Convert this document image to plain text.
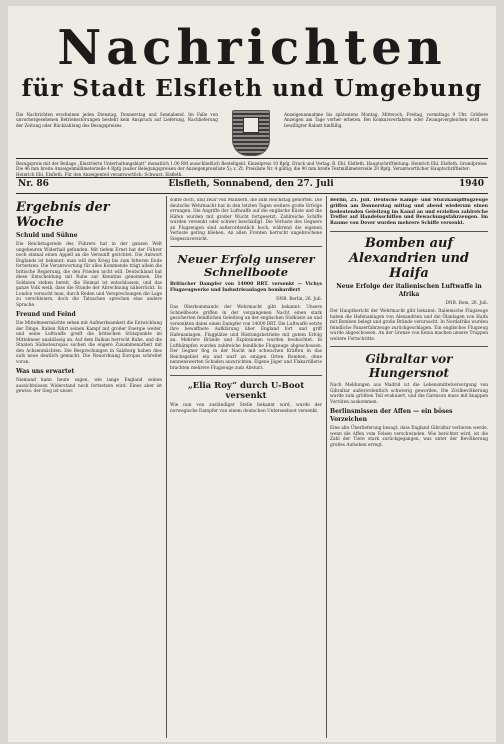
Nachrichten
für Stadt Elsfleth und Umgebung
Die Nachrichten erscheinen jeden Dienstag, Donnerstag und Sonnabend. Im Falle von unvorhergesehenen Betriebsstörungen besteht kein Anspruch auf Lieferung, Nachlieferung der Zeitung oder Rückzahlung des Bezugspreises.
Anzeigenannahme bis spätestens Montag, Mittwoch, Freitag, vormittags 9 Uhr. Größere Anzeigen am Tage vorher erbeten. Bei Konkursverfahren oder Zwangsvergleichen wird ein bewilligter Rabatt hinfällig.
Bezugspreis mit der Beilage „Illustrierte Unterhaltungsblatt“ monatlich 1.00 RM ausschließlich Bestellgeld. Einzelpreis 10 Rpfg. Druck und Verlag: B. Ehl, Elsfleth. Hauptschriftleitung: Heinrich Ehl, Elsfleth. Grundpreise: Die 46 mm breite Anzeigenmillimeterzeile 4 Rpfg (außer Belegungspreisen der Anzeigenpreisliste 5); z. Zt. Preisliste Nr. 4 gültig; die 90 mm breite Textmillimeterzeile 20 Rpfg. Verantwortlicher Hauptschriftleiter: Heinrich Ehl, Elsfleth. Für den Anzeigenteil verantwortlich: Schwarz, Elsfleth.
Nr. 86	Elsfleth, Sonnabend, den 27. Juli	1940
Ergebnis der Woche
Schuld und Sühne

Die Reichstagsrede des Führers hat in der ganzen Welt ungeheuren Widerhall gefunden. Mit tiefem Ernst hat der Führer noch einmal einen Appell an die Vernunft gerichtet. Die Antwort Englands ist bekannt: man will den Krieg bis zum bitteren Ende fortsetzen. Die Verantwortung für alles Kommende trägt allein die britische Regierung, die den Frieden nicht will. Deutschland hat diese Entscheidung mit Ruhe zur Kenntnis genommen. Die Soldaten stehen bereit, die Heimat ist entschlossen, und das ganze Volk weiß, dass die Stunde der Abrechnung näherrückt. In London versucht man, durch Reden und Versprechungen die Lage zu verschleiern, doch die Tatsachen sprechen eine andere Sprache.

Freund und Feind

Die Mittelmeermächte sehen mit Aufmerksamkeit die Entwicklung der Dinge. Italien führt seinen Kampf mit großer Energie weiter, und seine Luftwaffe greift die britischen Stützpunkte im Mittelmeer unablässig an. Auf dem Balkan herrscht Ruhe, und die Staaten Südosteuropas suchen die engere Zusammenarbeit mit den Achsenmächten. Die Besprechungen in Salzburg haben dies aufs neue deutlich gemacht. Die Neuordnung Europas schreitet voran.

Was uns erwartet

Niemand kann heute sagen, wie lange England seinen aussichtslosen Widerstand noch fortsetzen wird. Eines aber ist gewiss: der Sieg ist unser.

sollte doch, und zwar von Männern, die zum Reichstag gehörten. Die deutsche Wehrmacht hat in den letzten Tagen weitere große Erfolge errungen. Die Angriffe der Luftwaffe auf die englische Küste und die Häfen wurden mit großer Wucht fortgesetzt. Zahlreiche Schiffe wurden versenkt oder schwer beschädigt. Die Verluste des Gegners an Flugzeugen sind außerordentlich hoch, während die eigenen Verluste gering blieben. An allen Fronten herrscht ungebrochene Siegeszuversicht.

Neuer Erfolg unserer Schnellboote

Britischer Dampfer von 14000 BRT. versenkt — Vichys Flugzeugwerke und Industrieanlagen bombardiert

DNB. Berlin, 26. Juli.

Das Oberkommando der Wehrmacht gibt bekannt: Unsere Schnellboote griffen in der vergangenen Nacht einen stark gesicherten feindlichen Geleitzug an der englischen Südküste an und versenkten dabei einen Dampfer von 14000 BRT. Die Luftwaffe setzte ihre bewaffnete Aufklärung über England fort und griff Hafenanlagen, Flugplätze und Rüstungsbetriebe mit gutem Erfolg an. Mehrere Brände und Explosionen wurden beobachtet. In Luftkämpfen wurden zahlreiche feindliche Flugzeuge abgeschossen. Der Gegner flog in der Nacht mit schwachen Kräften in das Reichsgebiet ein und warf an einigen Orten Bomben, ohne nennenswerten Schaden anzurichten. Eigene Jäger und Flakartillerie brachten mehrere Flugzeuge zum Absturz.

„Elia Roy“ durch U-Boot versenkt

Wie nun von zuständiger Stelle bekannt wird, wurde der norwegische Dampfer von einem deutschen Unterseeboot versenkt.

Berlin, 25. Juli. Deutsche Kampf- und Sturzkampfflugzeuge griffen am Donnerstag mittag und abend wiederum einen bedeutenden Geleitzug im Kanal an und erzielten zahlreiche Treffer auf Handelsschiffen und Bewachungsfahrzeugen. Im Raume von Dover wurden mehrere Schiffe versenkt.

Bomben auf Alexandrien und Haifa
Neue Erfolge der italienischen Luftwaffe in Afrika

DNB. Rom, 26. Juli.

Der Hauptbericht der Wehrmacht gibt bekannt: Italienische Flugzeuge haben die Hafenanlagen von Alexandrien und die Ölanlagen von Haifa mit Bomben belegt und große Brände verursacht. In Nordafrika wurden feindliche Panzerfahrzeuge zurückgeschlagen. Ein englisches Flugzeug wurde abgeschossen. An der Grenze von Kenia machen unsere Truppen weitere Fortschritte.

Gibraltar vor Hungersnot

Nach Meldungen aus Madrid ist die Lebensmittelversorgung von Gibraltar außerordentlich schwierig geworden. Die Zivilbevölkerung wurde zum größten Teil evakuiert, und die Garnison muss mit knappen Vorräten auskommen.

Berlinsmissen der Affen — ein böses Vorzeichen

Eine alte Überlieferung besagt, dass England Gibraltar verlieren werde, wenn die Affen vom Felsen verschwinden. Wie berichtet wird, ist die Zahl der Tiere stark zurückgegangen, was unter der Bevölkerung großes Aufsehen erregt.
